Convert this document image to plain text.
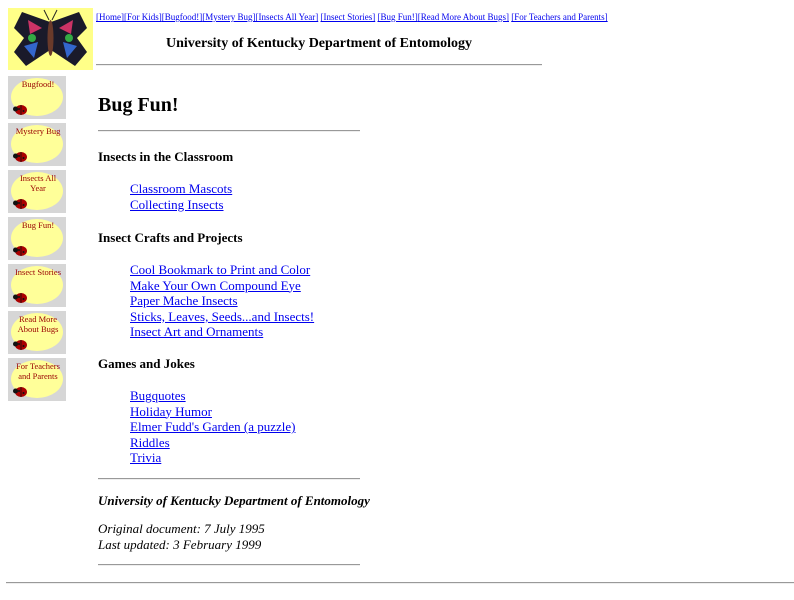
[Home][For Kids][Bugfood!][Mystery Bug][Insects All Year] [Insect Stories] [Bug Fun!][Read More About Bugs] [For Teachers and Parents]
University of Kentucky Department of Entomology
Bugfood!
Mystery Bug
Insects All Year
Bug Fun!
Insect Stories
Read More About Bugs
For Teachers and Parents
Bug Fun!
Insects in the Classroom
Classroom Mascots
Collecting Insects
Insect Crafts and Projects
Cool Bookmark to Print and Color
Make Your Own Compound Eye
Paper Mache Insects
Sticks, Leaves, Seeds...and Insects!
Insect Art and Ornaments
Games and Jokes
Bugquotes
Holiday Humor
Elmer Fudd's Garden (a puzzle)
Riddles
Trivia
University of Kentucky Department of Entomology
Original document: 7 July 1995
Last updated: 3 February 1999
